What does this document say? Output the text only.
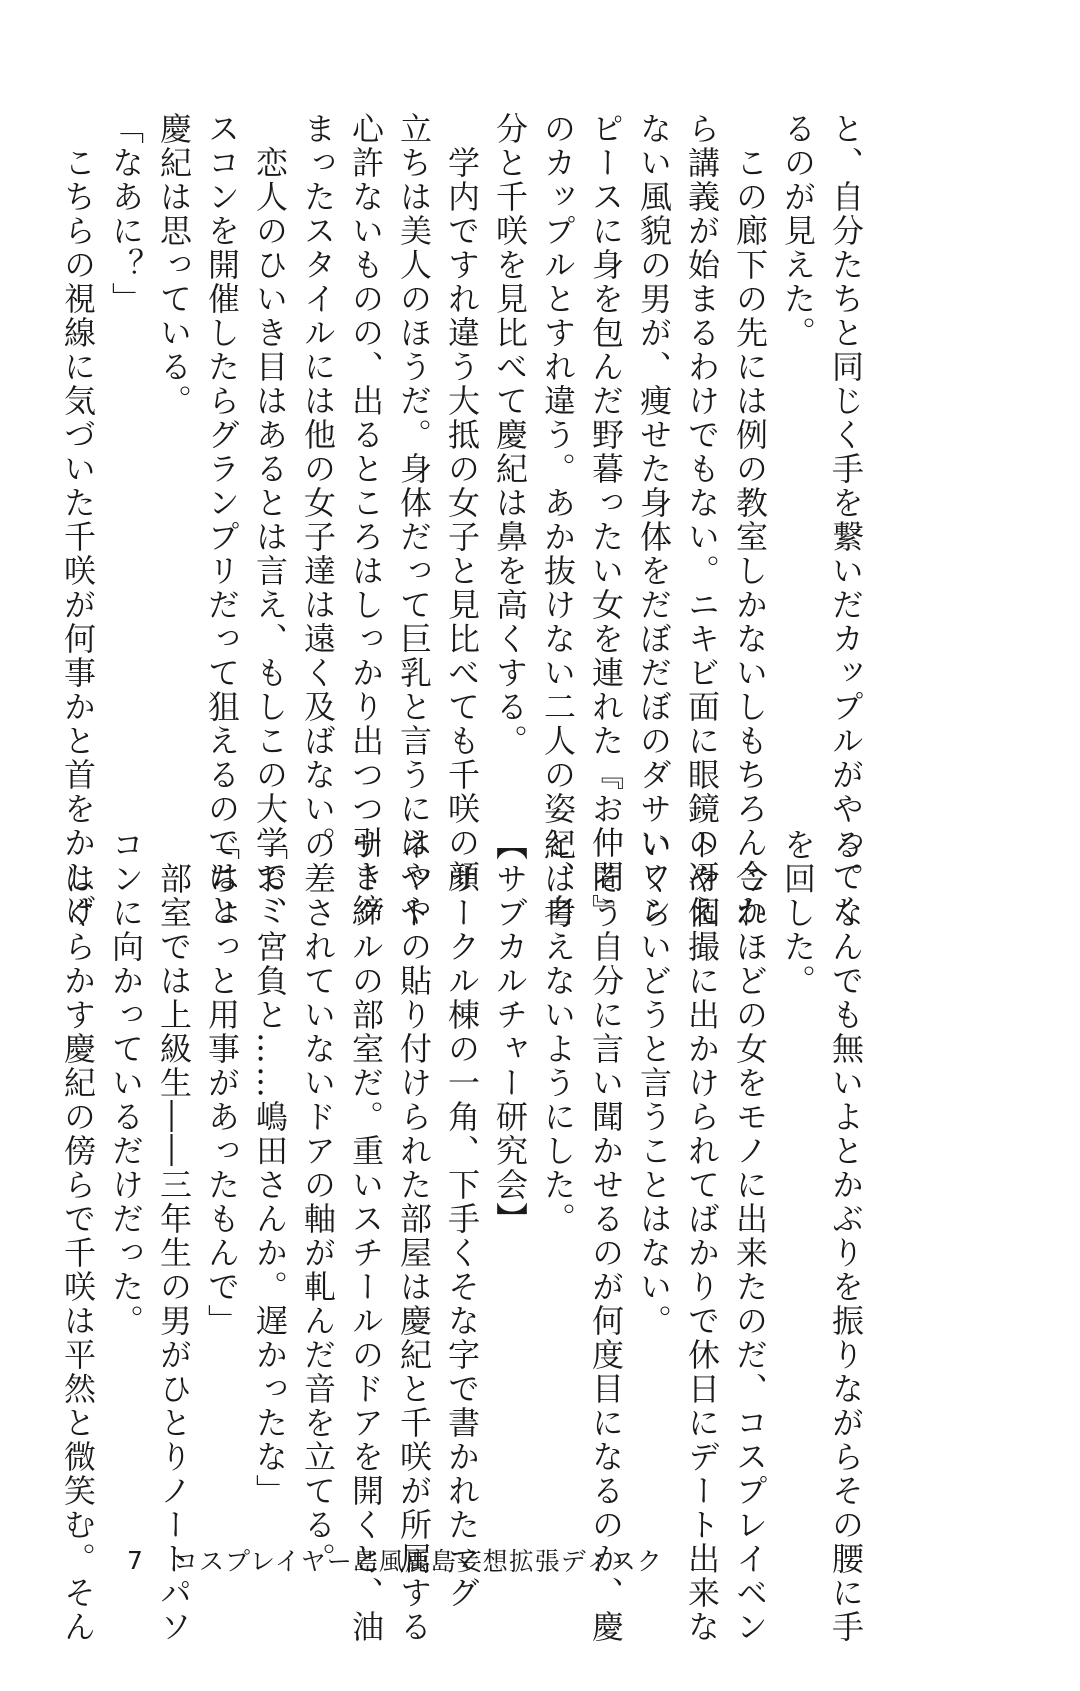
と、自分たちと同じく手を繋いだカップルがやってく
るのが見えた。
　この廊下の先には例の教室しかないしもちろん今か
ら講義が始まるわけでもない。ニキビ面に眼鏡の冴え
ない風貌の男が、痩せた身体をだぼだぼのダサいワン
ピースに身を包んだ野暮ったい女を連れた『お仲間』
のカップルとすれ違う。あか抜けない二人の姿と、自
分と千咲を見比べて慶紀は鼻を高くする。
　学内ですれ違う大抵の女子と見比べても千咲の顔
立ちは美人のほうだ。身体だって巨乳と言うにはやや
心許ないものの、出るところはしっかり出つつ引き締
まったスタイルには他の女子達は遠く及ばない。
　恋人のひいき目はあるとは言え、もしこの大学でミ
スコンを開催したらグランプリだって狙えるのではと
慶紀は思っている。
「なあに？」
　こちらの視線に気づいた千咲が何事かと首をかしげ
る。なんでも無いよとかぶりを振りながらその腰に手
を回した。
　これほどの女をモノに出来たのだ、コスプレイベン
トや個撮に出かけられてばかりで休日にデート出来な
いくらいどうと言うことはない。
　そう自分に言い聞かせるのが何度目になるのか、慶
紀は考えないようにした。
【サブカルチャー研究会】
　サークル棟の一角、下手くそな字で書かれたマグ
ネットの貼り付けられた部屋は慶紀と千咲が所属する
サークルの部室だ。重いスチールのドアを開くと、油
の差されていないドアの軸が軋んだ音を立てる。
「お、宮負と……嶋田さんか。遅かったな」
「ちょっと用事があったもんで」
　部室では上級生――三年生の男がひとりノートパソ
コンに向かっているだけだった。
　はぐらかす慶紀の傍らで千咲は平然と微笑む。そん 7	コスプレイヤー島風鹿島妄想拡張ディスク
